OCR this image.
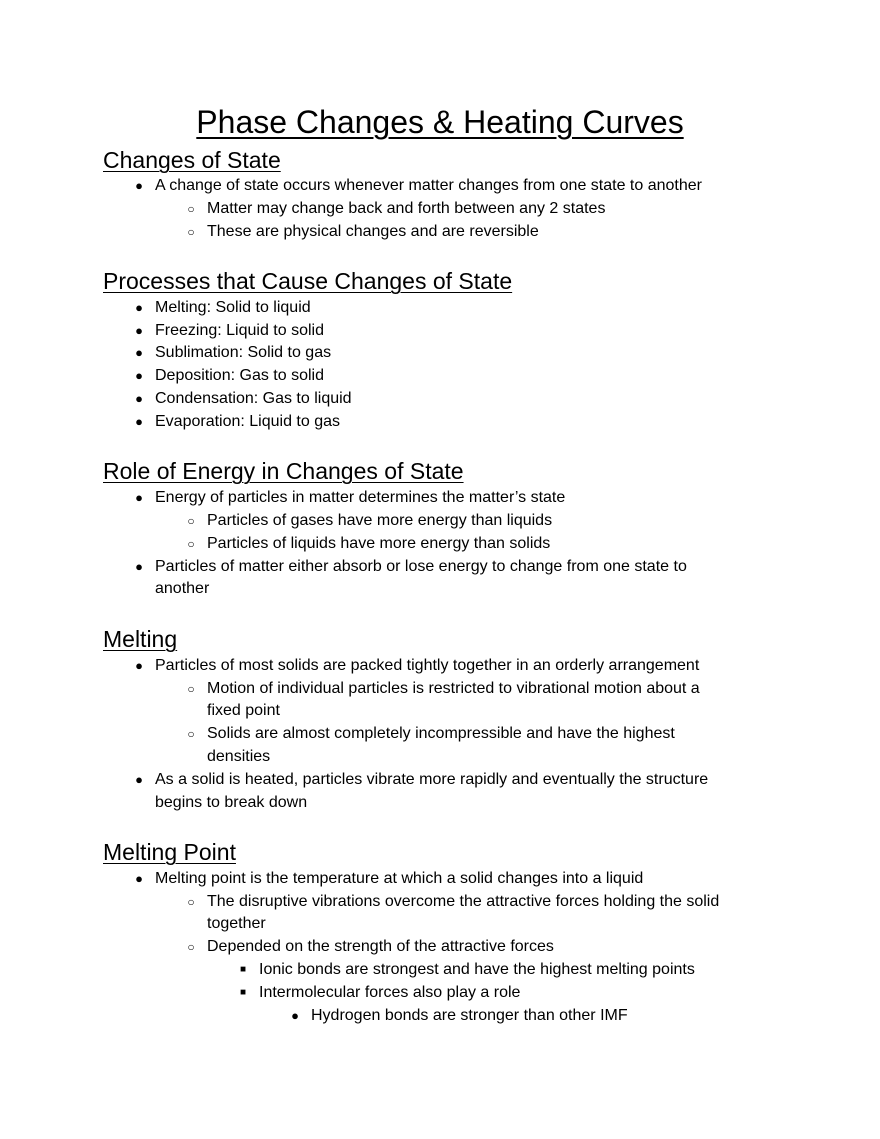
Phase Changes & Heating Curves
Changes of State
● A change of state occurs whenever matter changes from one state to another
○ Matter may change back and forth between any 2 states
○ These are physical changes and are reversible
Processes that Cause Changes of State
● Melting: Solid to liquid
● Freezing: Liquid to solid
● Sublimation: Solid to gas
● Deposition: Gas to solid
● Condensation: Gas to liquid
● Evaporation: Liquid to gas
Role of Energy in Changes of State
● Energy of particles in matter determines the matter’s state
○ Particles of gases have more energy than liquids
○ Particles of liquids have more energy than solids
● Particles of matter either absorb or lose energy to change from one state to
another
Melting
● Particles of most solids are packed tightly together in an orderly arrangement
○ Motion of individual particles is restricted to vibrational motion about a
fixed point
○ Solids are almost completely incompressible and have the highest
densities
● As a solid is heated, particles vibrate more rapidly and eventually the structure
begins to break down
Melting Point
● Melting point is the temperature at which a solid changes into a liquid
○ The disruptive vibrations overcome the attractive forces holding the solid
together
○ Depended on the strength of the attractive forces
■ Ionic bonds are strongest and have the highest melting points
■ Intermolecular forces also play a role
● Hydrogen bonds are stronger than other IMF
